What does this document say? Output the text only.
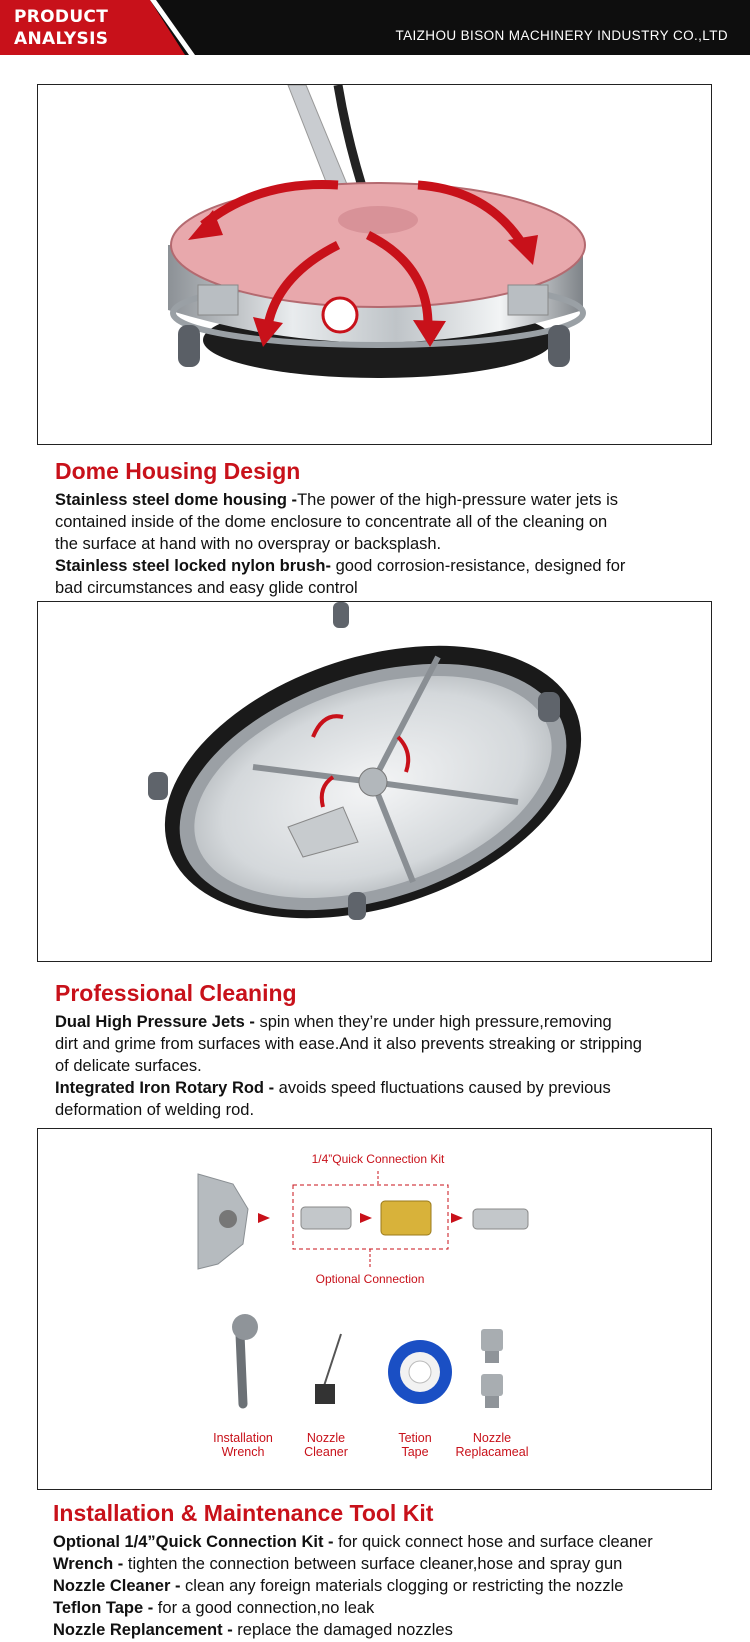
PRODUCT
ANALYSIS	TAIZHOU BISON MACHINERY INDUSTRY CO.,LTD
Dome Housing Design
Stainless steel dome housing -The power of the high-pressure water jets is
contained inside of the dome enclosure to concentrate all of the cleaning on
the surface at hand with no overspray or backsplash.
Stainless steel locked nylon brush- good corrosion-resistance, designed for
bad circumstances and easy glide control
Professional Cleaning
Dual High Pressure Jets - spin when they’re under high pressure,removing
dirt and grime from surfaces with ease.And it also prevents streaking or stripping
of delicate surfaces.
Integrated Iron Rotary Rod - avoids speed fluctuations caused by previous
deformation of welding rod.
1/4”Quick Connection Kit
Optional Connection
Installation
Wrench
Nozzle
Cleaner
Tetion
Tape
Nozzle
Replacameal
Installation & Maintenance Tool Kit
Optional 1/4”Quick Connection Kit - for quick connect hose and surface cleaner
Wrench - tighten the connection between surface cleaner,hose and spray gun
Nozzle Cleaner - clean any foreign materials clogging or restricting the nozzle
Teflon Tape - for a good connection,no leak
Nozzle Replancement - replace the damaged nozzles
